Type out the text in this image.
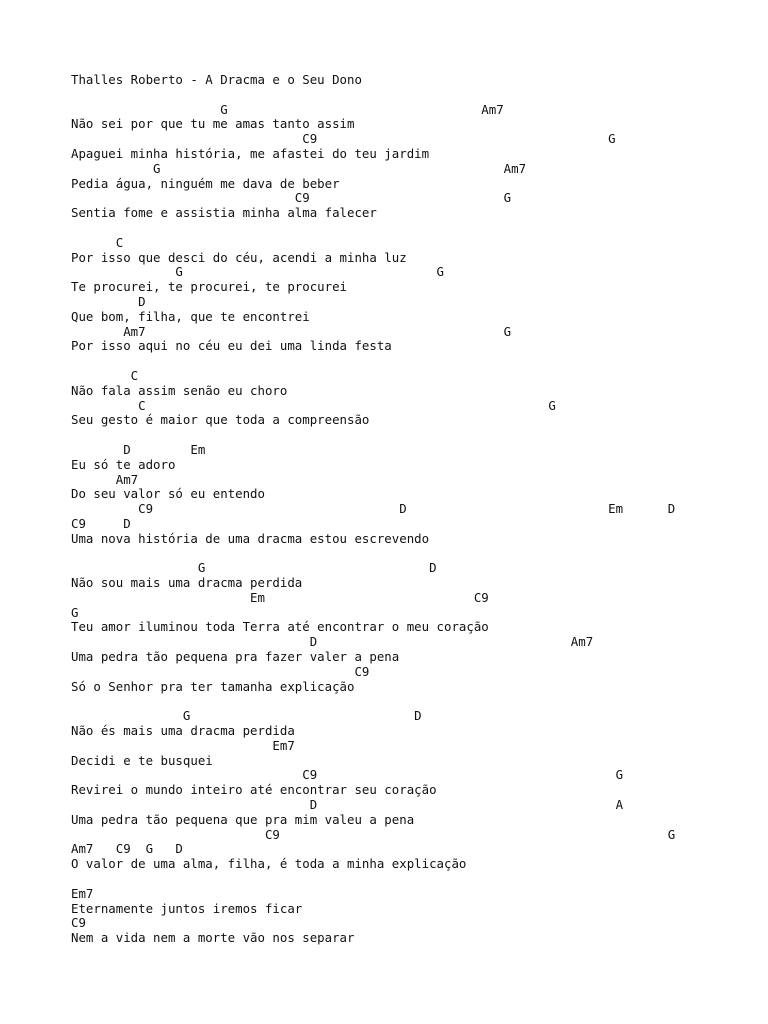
Thalles Roberto - A Dracma e o Seu Dono
G                                  Am7
Não sei por que tu me amas tanto assim
C9                                       G
Apaguei minha história, me afastei do teu jardim
G                                              Am7
Pedia água, ninguém me dava de beber
C9                          G
Sentia fome e assistia minha alma falecer
C
Por isso que desci do céu, acendi a minha luz
G                                  G
Te procurei, te procurei, te procurei
D
Que bom, filha, que te encontrei
Am7                                                G
Por isso aqui no céu eu dei uma linda festa
C
Não fala assim senão eu choro
C                                                      G
Seu gesto é maior que toda a compreensão
D        Em
Eu só te adoro
Am7
Do seu valor só eu entendo
C9                                 D                           Em      D
C9     D
Uma nova história de uma dracma estou escrevendo
G                              D
Não sou mais uma dracma perdida
Em                            C9
G
Teu amor iluminou toda Terra até encontrar o meu coração
D                                  Am7
Uma pedra tão pequena pra fazer valer a pena
C9
Só o Senhor pra ter tamanha explicação
G                              D
Não és mais uma dracma perdida
Em7
Decidi e te busquei
C9                                        G
Revirei o mundo inteiro até encontrar seu coração
D                                        A
Uma pedra tão pequena que pra mim valeu a pena
C9                                                    G
Am7   C9  G   D
O valor de uma alma, filha, é toda a minha explicação
Em7
Eternamente juntos iremos ficar
C9
Nem a vida nem a morte vão nos separar
